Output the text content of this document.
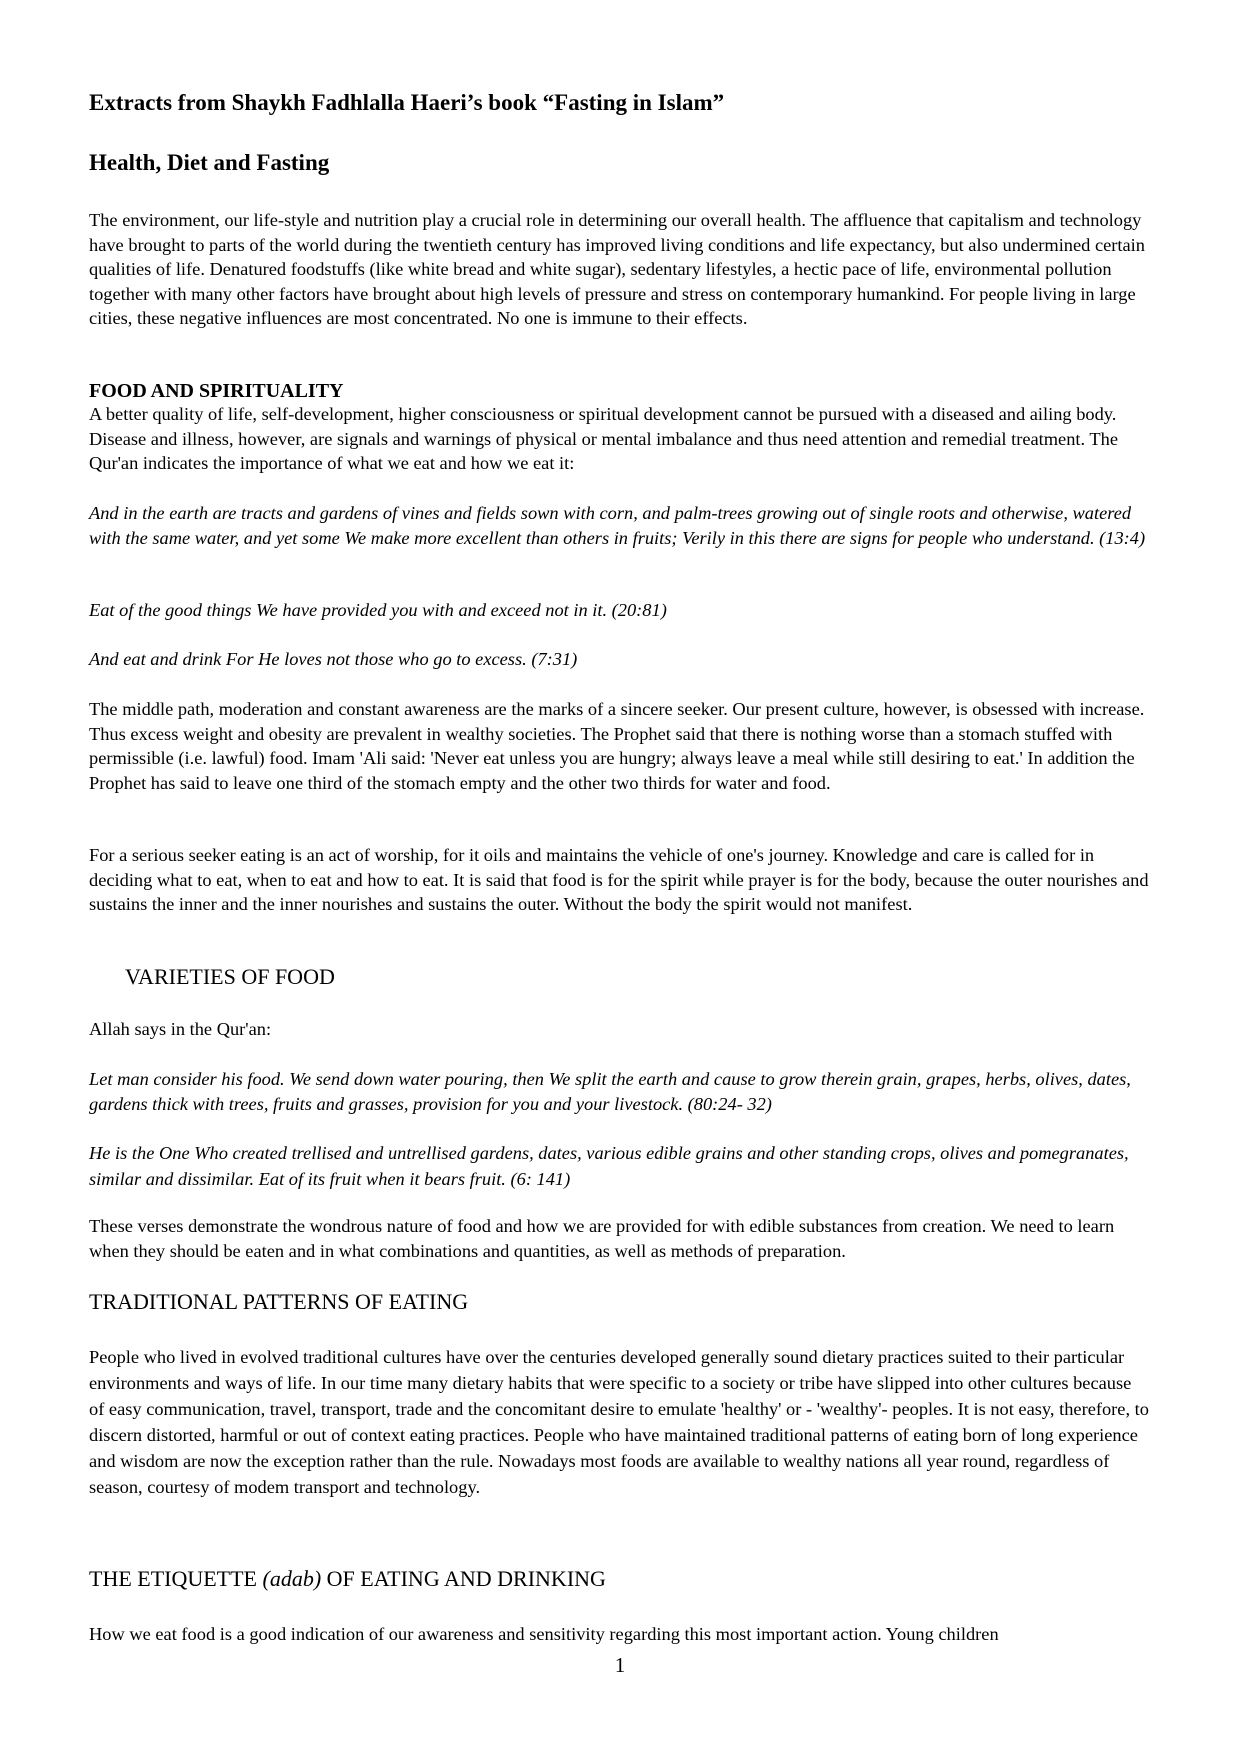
Extracts from Shaykh Fadhlalla Haeri’s book “Fasting in Islam”
Health, Diet and Fasting
The environment, our life-style and nutrition play a crucial role in determining our overall health. The affluence that capitalism and technology have brought to parts of the world during the twentieth century has improved living conditions and life expectancy, but also undermined certain qualities of life. Denatured foodstuffs (like white bread and white sugar), sedentary lifestyles, a hectic pace of life, environmental pollution together with many other factors have brought about high levels of pressure and stress on contemporary humankind. For people living in large cities, these negative influences are most concentrated. No one is immune to their effects.
FOOD AND SPIRITUALITY
A better quality of life, self-development, higher consciousness or spiritual development cannot be pursued with a diseased and ailing body. Disease and illness, however, are signals and warnings of physical or mental imbalance and thus need attention and remedial treatment. The Qur'an indicates the importance of what we eat and how we eat it:
And in the earth are tracts and gardens of vines and fields sown with corn, and palm-trees growing out of single roots and otherwise, watered with the same water, and yet some We make more excellent than others in fruits; Verily in this there are signs for people who understand. (13:4)
Eat of the good things We have provided you with and exceed not in it. (20:81)
And eat and drink For He loves not those who go to excess. (7:31)
The middle path, moderation and constant awareness are the marks of a sincere seeker. Our present culture, however, is obsessed with increase. Thus excess weight and obesity are prevalent in wealthy societies. The Prophet said that there is nothing worse than a stomach stuffed with permissible (i.e. lawful) food. Imam 'Ali said: 'Never eat unless you are hungry; always leave a meal while still desiring to eat.' In addition the Prophet has said to leave one third of the stomach empty and the other two thirds for water and food.
For a serious seeker eating is an act of worship, for it oils and maintains the vehicle of one's journey. Knowledge and care is called for in deciding what to eat, when to eat and how to eat. It is said that food is for the spirit while prayer is for the body, because the outer nourishes and sustains the inner and the inner nourishes and sustains the outer. Without the body the spirit would not manifest.
VARIETIES OF FOOD
Allah says in the Qur'an:
Let man consider his food. We send down water pouring, then We split the earth and cause to grow therein grain, grapes, herbs, olives, dates, gardens thick with trees, fruits and grasses, provision for you and your livestock. (80:24- 32)
He is the One Who created trellised and untrellised gardens, dates, various edible grains and other standing crops, olives and pomegranates, similar and dissimilar. Eat of its fruit when it bears fruit. (6: 141)
These verses demonstrate the wondrous nature of food and how we are provided for with edible substances from creation. We need to learn when they should be eaten and in what combinations and quantities, as well as methods of preparation.
TRADITIONAL PATTERNS OF EATING
People who lived in evolved traditional cultures have over the centuries developed generally sound dietary practices suited to their particular environments and ways of life. In our time many dietary habits that were specific to a society or tribe have slipped into other cultures because of easy communication, travel, transport, trade and the concomitant desire to emulate 'healthy' or - 'wealthy'- peoples. It is not easy, therefore, to discern distorted, harmful or out of context eating practices. People who have maintained traditional patterns of eating born of long experience and wisdom are now the exception rather than the rule. Nowadays most foods are available to wealthy nations all year round, regardless of season, courtesy of modem transport and technology.
THE ETIQUETTE (adab) OF EATING AND DRINKING
How we eat food is a good indication of our awareness and sensitivity regarding this most important action. Young children
1
